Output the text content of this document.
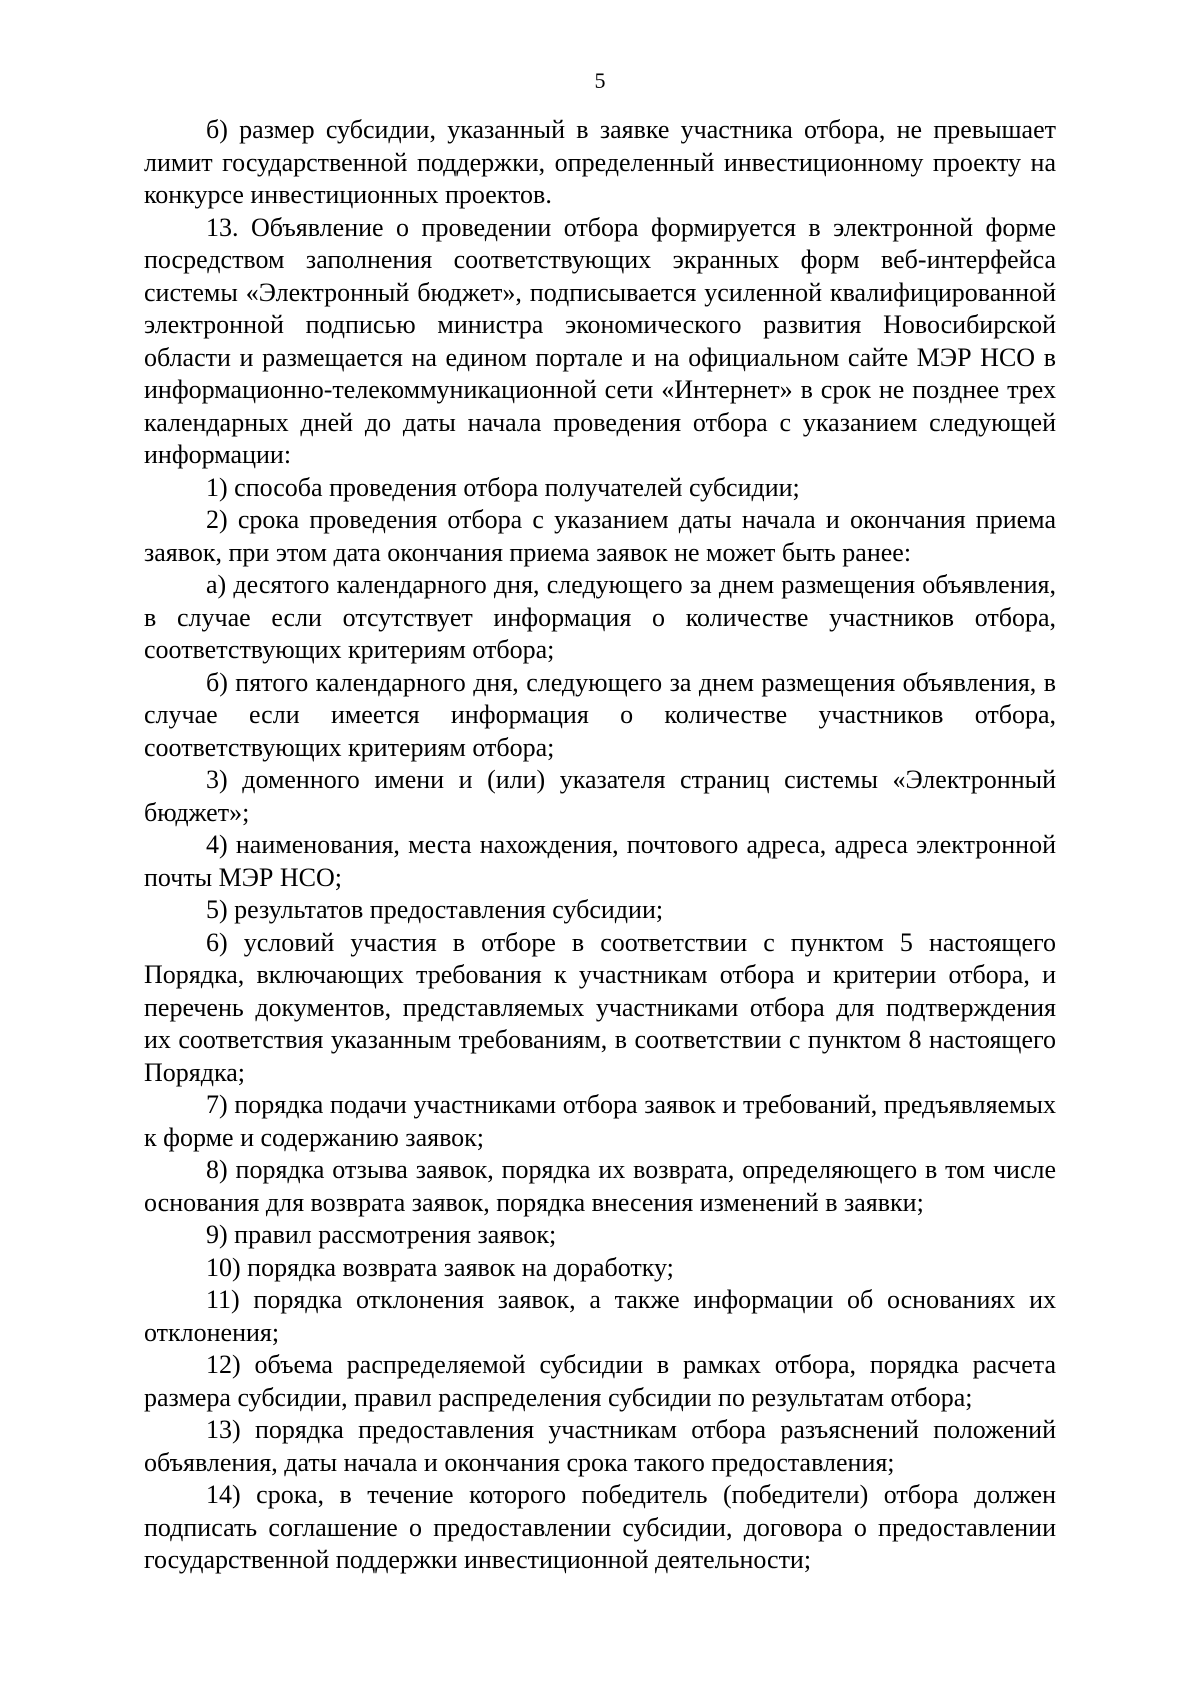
5

б) размер субсидии, указанный в заявке участника отбора, не превышает лимит государственной поддержки, определенный инвестиционному проекту на конкурсе инвестиционных проектов.

13. Объявление о проведении отбора формируется в электронной форме посредством заполнения соответствующих экранных форм веб-интерфейса системы «Электронный бюджет», подписывается усиленной квалифицированной электронной подписью министра экономического развития Новосибирской области и размещается на едином портале и на официальном сайте МЭР НСО в информационно-телекоммуникационной сети «Интернет» в срок не позднее трех календарных дней до даты начала проведения отбора с указанием следующей информации:

1) способа проведения отбора получателей субсидии;

2) срока проведения отбора с указанием даты начала и окончания приема заявок, при этом дата окончания приема заявок не может быть ранее:

а) десятого календарного дня, следующего за днем размещения объявления, в случае если отсутствует информация о количестве участников отбора, соответствующих критериям отбора;

б) пятого календарного дня, следующего за днем размещения объявления, в случае если имеется информация о количестве участников отбора, соответствующих критериям отбора;

3) доменного имени и (или) указателя страниц системы «Электронный бюджет»;

4) наименования, места нахождения, почтового адреса, адреса электронной почты МЭР НСО;

5) результатов предоставления субсидии;

6) условий участия в отборе в соответствии с пунктом 5 настоящего Порядка, включающих требования к участникам отбора и критерии отбора, и перечень документов, представляемых участниками отбора для подтверждения их соответствия указанным требованиям, в соответствии с пунктом 8 настоящего Порядка;

7) порядка подачи участниками отбора заявок и требований, предъявляемых к форме и содержанию заявок;

8) порядка отзыва заявок, порядка их возврата, определяющего в том числе основания для возврата заявок, порядка внесения изменений в заявки;

9) правил рассмотрения заявок;

10) порядка возврата заявок на доработку;

11) порядка отклонения заявок, а также информации об основаниях их отклонения;

12) объема распределяемой субсидии в рамках отбора, порядка расчета размера субсидии, правил распределения субсидии по результатам отбора;

13) порядка предоставления участникам отбора разъяснений положений объявления, даты начала и окончания срока такого предоставления;

14) срока, в течение которого победитель (победители) отбора должен подписать соглашение о предоставлении субсидии, договора о предоставлении государственной поддержки инвестиционной деятельности;
